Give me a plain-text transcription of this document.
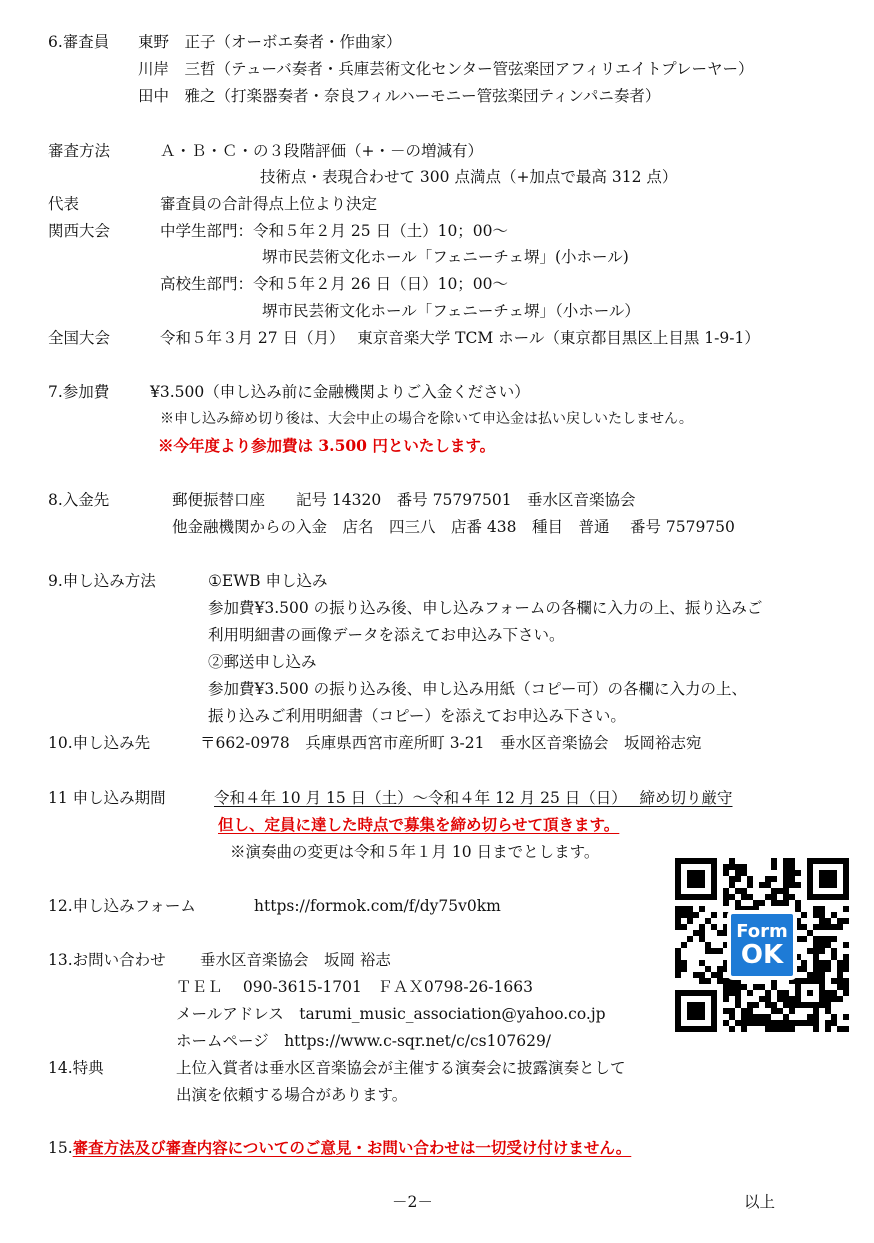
6.審査員 東野　正子（オーボエ奏者・作曲家）
川岸　三哲（テューバ奏者・兵庫芸術文化センター管弦楽団アフィリエイトプレーヤー）
田中　雅之（打楽器奏者・奈良フィルハーモニー管弦楽団ティンパニ奏者）
審査方法	Ａ・Ｂ・Ｃ・の３段階評価（+・－の増減有）
技術点・表現合わせて 300 点満点（+加点で最高 312 点）
代表	審査員の合計得点上位より決定
関西大会	中学生部門：令和５年２月 25 日（土）10；00～
堺市民芸術文化ホール「フェニーチェ堺」(小ホール)
高校生部門：令和５年２月 26 日（日）10；00～
堺市民芸術文化ホール「フェニーチェ堺」（小ホール）
全国大会	令和５年３月 27 日（月）　 東京音楽大学 TCM ホール（東京都目黒区上目黒 1-9-1）
7.参加費	¥3.500（申し込み前に金融機関よりご入金ください）
※申し込み締め切り後は、大会中止の場合を除いて申込金は払い戻しいたしません。
※今年度より参加費は 3.500 円といたします。
8.入金先	郵便振替口座　　記号 14320　番号 75797501　垂水区音楽協会
他金融機関からの入金　店名　四三八　店番 438　種目　普通　 番号 7579750
9.申し込み方法	①EWB 申し込み
参加費¥3.500 の振り込み後、申し込みフォームの各欄に入力の上、振り込みご
利用明細書の画像データを添えてお申込み下さい。
②郵送申し込み
参加費¥3.500 の振り込み後、申し込み用紙（コピー可）の各欄に入力の上、
振り込みご利用明細書（コピー）を添えてお申込み下さい。
10.申し込み先	〒662-0978　兵庫県西宮市産所町 3-21　垂水区音楽協会　坂岡裕志宛
11 申し込み期間	令和４年 10 月 15 日（土）～令和４年 12 月 25 日（日）　 締め切り厳守
但し、定員に達した時点で募集を締め切らせて頂きます。
※演奏曲の変更は令和５年１月 10 日までとします。
12.申し込みフォーム	https://formok.com/f/dy75v0km
13.お問い合わせ 垂水区音楽協会　坂岡 裕志
ＴＥＬ　 090-3615-1701　ＦＡＸ0798-26-1663
メールアドレス　tarumi_music_association@yahoo.co.jp
ホームページ　https://www.c-sqr.net/c/cs107629/
14.特典	上位入賞者は垂水区音楽協会が主催する演奏会に披露演奏として
出演を依頼する場合があります。
15.審査方法及び審査内容についてのご意見・お問い合わせは一切受け付けません。
－2－	以上
Form
OK
